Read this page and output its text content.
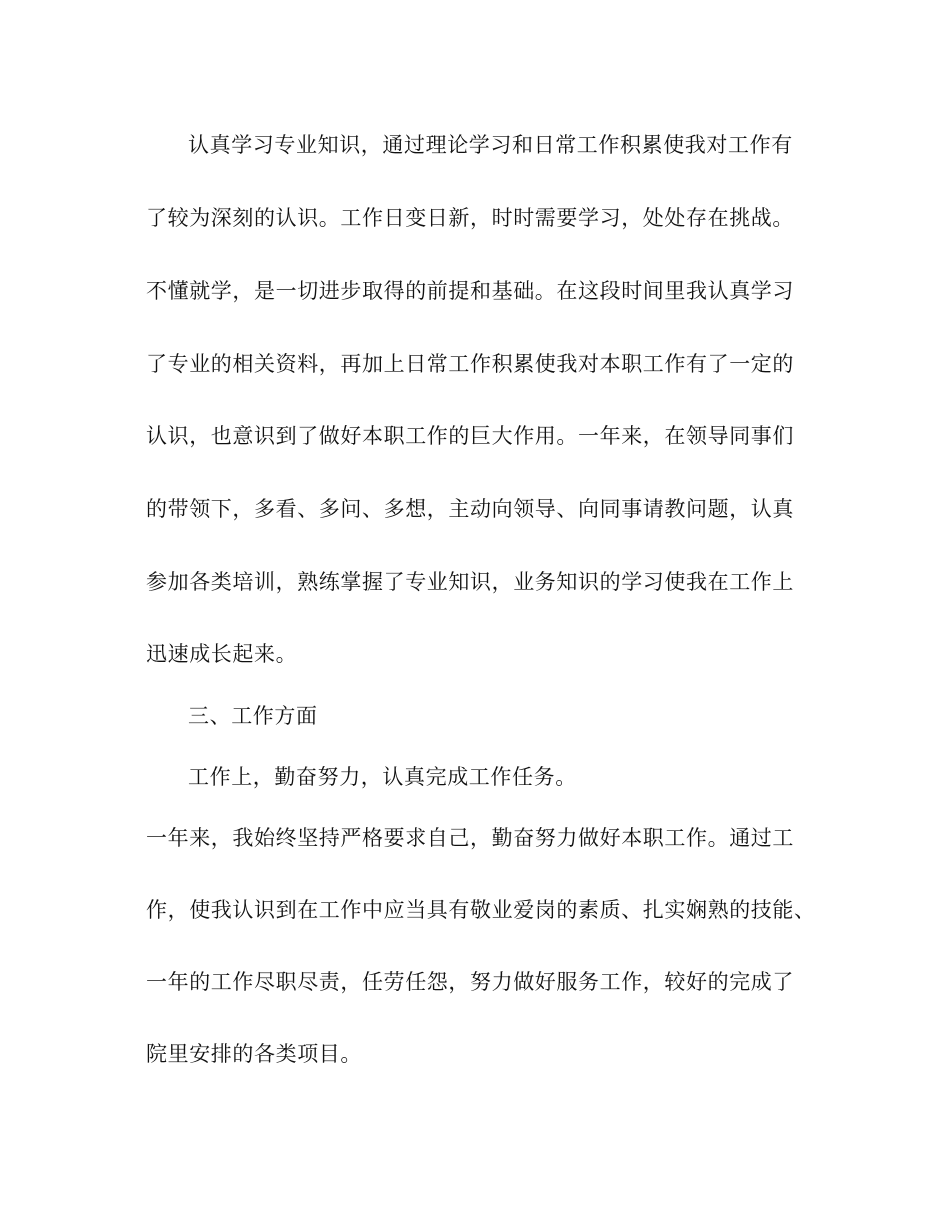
认真学习专业知识，通过理论学习和日常工作积累使我对工作有
了较为深刻的认识。工作日变日新，时时需要学习，处处存在挑战。
不懂就学，是一切进步取得的前提和基础。在这段时间里我认真学习
了专业的相关资料，再加上日常工作积累使我对本职工作有了一定的
认识，也意识到了做好本职工作的巨大作用。一年来，在领导同事们
的带领下，多看、多问、多想，主动向领导、向同事请教问题，认真
参加各类培训，熟练掌握了专业知识，业务知识的学习使我在工作上
迅速成长起来。
三、工作方面
工作上，勤奋努力，认真完成工作任务。
一年来，我始终坚持严格要求自己，勤奋努力做好本职工作。通过工
作，使我认识到在工作中应当具有敬业爱岗的素质、扎实娴熟的技能、
一年的工作尽职尽责，任劳任怨，努力做好服务工作，较好的完成了
院里安排的各类项目。
